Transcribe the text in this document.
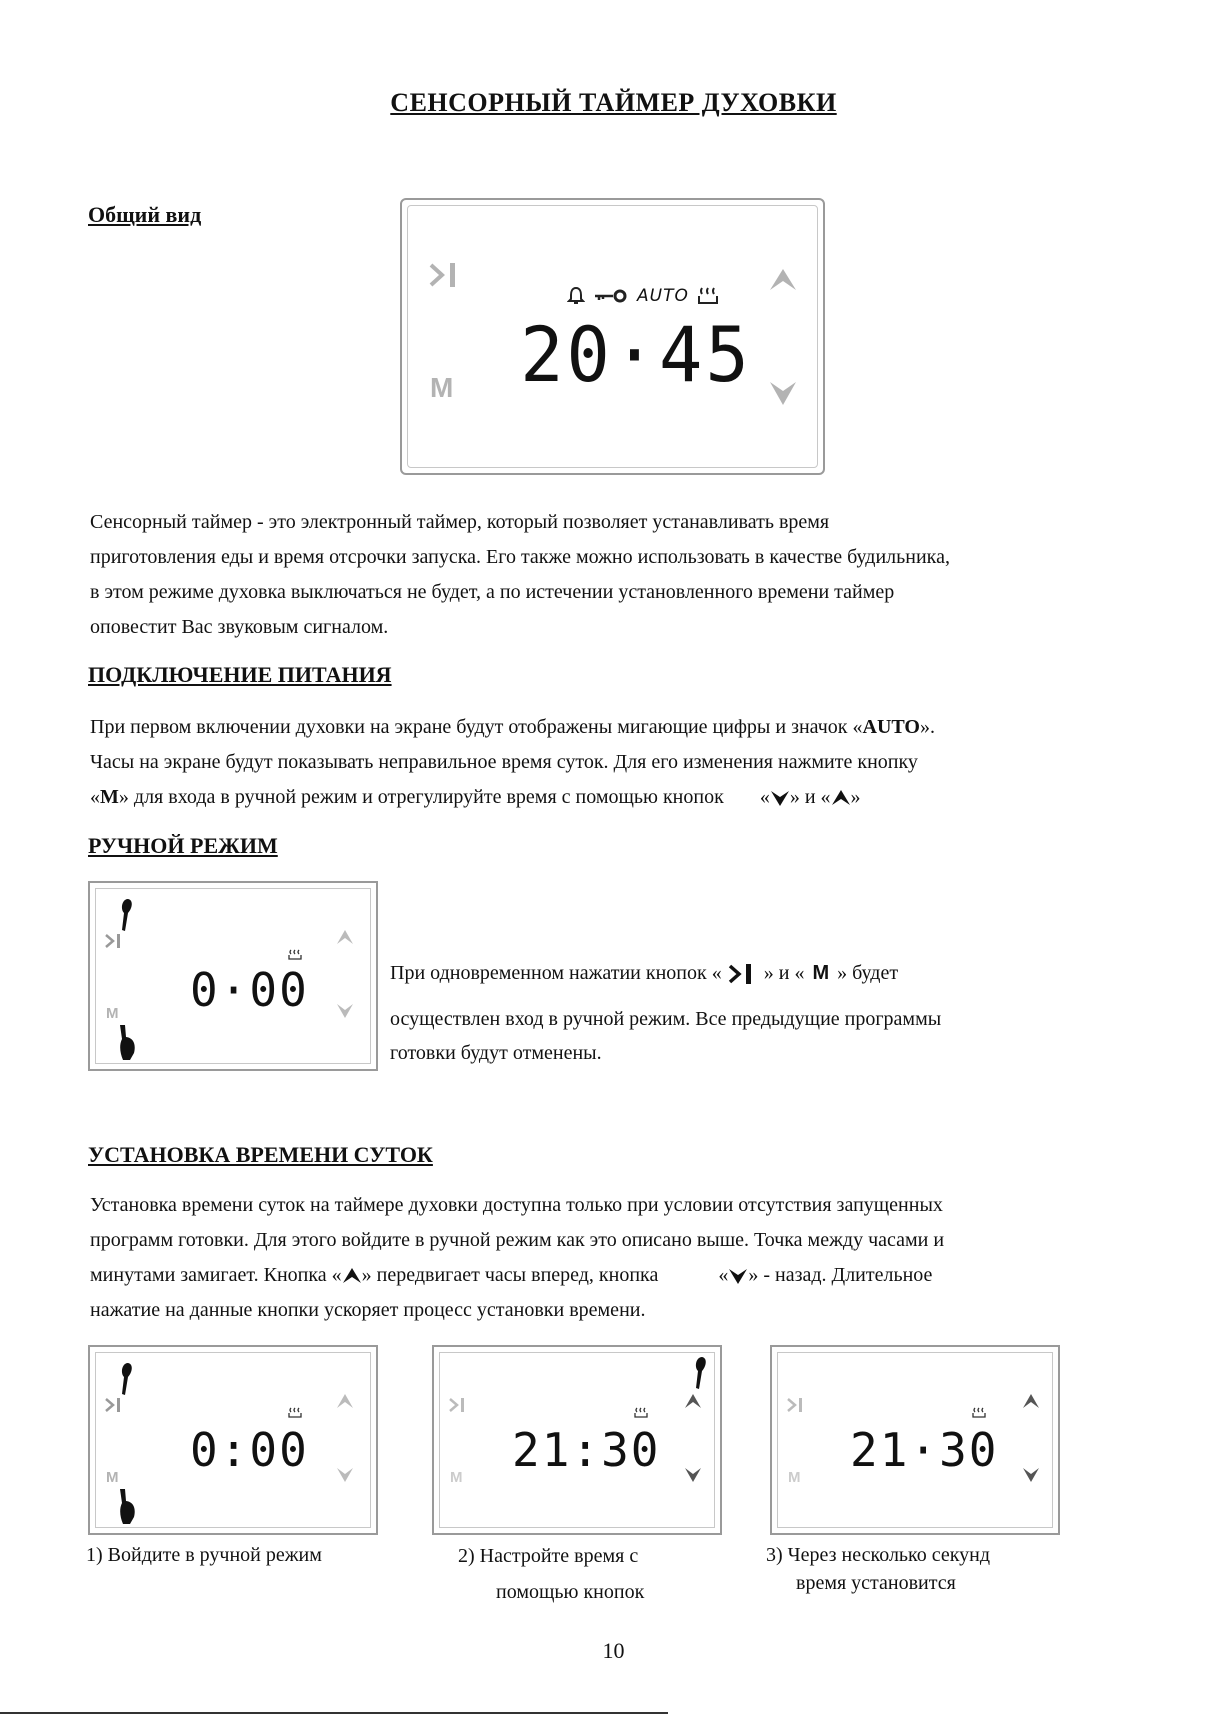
СЕНСОРНЫЙ ТАЙМЕР ДУХОВКИ
Общий вид
M
AUTO
20·45
Сенсорный таймер - это электронный таймер, который позволяет устанавливать время
приготовления еды и время отсрочки запуска. Его также можно использовать в качестве будильника,
в этом режиме духовка выключаться не будет, а по истечении установленного времени таймер
оповестит Вас звуковым сигналом.
ПОДКЛЮЧЕНИЕ ПИТАНИЯ
При первом включении духовки на экране будут отображены мигающие цифры и значок «AUTO».
Часы на экране будут показывать неправильное время суток. Для его изменения нажмите кнопку
«M» для входа в ручной режим и отрегулируйте время с помощью кнопок « » и « »
РУЧНОЙ РЕЖИМ
M 0·00	При одновременном нажатии кнопок « » и « M » будет
осуществлен вход в ручной режим. Все предыдущие программы
готовки будут отменены.
УСТАНОВКА ВРЕМЕНИ СУТОК
Установка времени суток на таймере духовки доступна только при условии отсутствия запущенных
программ готовки. Для этого войдите в ручной режим как это описано выше. Точка между часами и
минутами замигает. Кнопка « » передвигает часы вперед, кнопка	« » - назад. Длительное
нажатие на данные кнопки ускоряет процесс установки времени.
M
0:00
M
21:30
M
21·30
1) Войдите в ручной режим	2) Настройте время с
помощью кнопок
3) Через несколько секунд
время установится
10
